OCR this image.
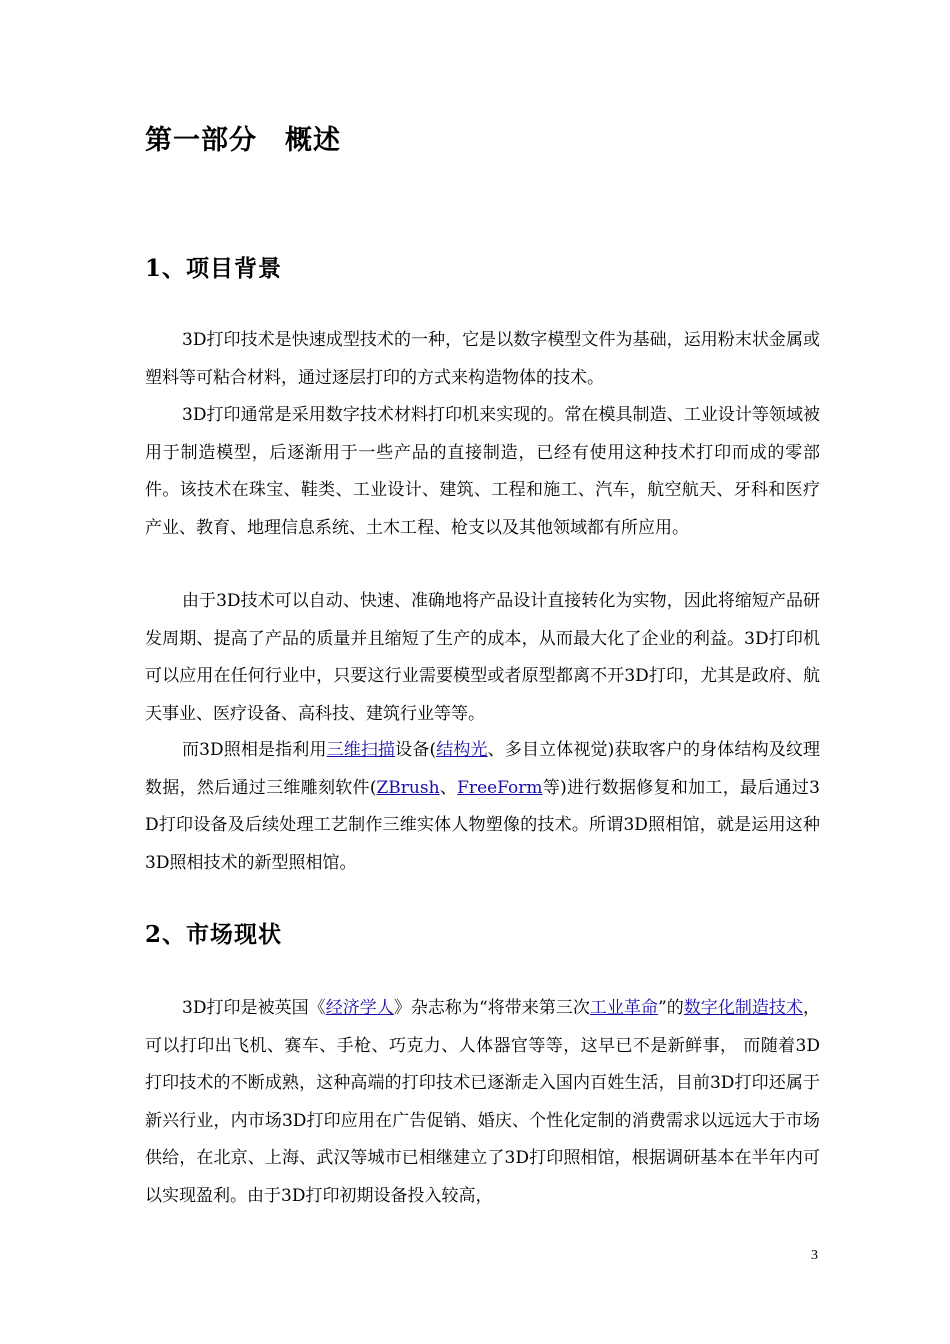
第一部分　概述
1、项目背景

3D打印技术是快速成型技术的一种，它是以数字模型文件为基础，运用粉末状金属或塑料等可粘合材料，通过逐层打印的方式来构造物体的技术。

3D打印通常是采用数字技术材料打印机来实现的。常在模具制造、工业设计等领域被用于制造模型，后逐渐用于一些产品的直接制造，已经有使用这种技术打印而成的零部件。该技术在珠宝、鞋类、工业设计、建筑、工程和施工、汽车，航空航天、牙科和医疗产业、教育、地理信息系统、土木工程、枪支以及其他领域都有所应用。

由于3D技术可以自动、快速、准确地将产品设计直接转化为实物，因此将缩短产品研发周期、提高了产品的质量并且缩短了生产的成本，从而最大化了企业的利益。3D打印机可以应用在任何行业中，只要这行业需要模型或者原型都离不开3D打印，尤其是政府、航天事业、医疗设备、高科技、建筑行业等等。

而3D照相是指利用三维扫描设备(结构光、多目立体视觉)获取客户的身体结构及纹理数据，然后通过三维雕刻软件(ZBrush、FreeForm等)进行数据修复和加工，最后通过3D打印设备及后续处理工艺制作三维实体人物塑像的技术。所谓3D照相馆，就是运用这种3D照相技术的新型照相馆。

2、市场现状

3D打印是被英国《经济学人》杂志称为“将带来第三次工业革命”的数字化制造技术，可以打印出飞机、赛车、手枪、巧克力、人体器官等等，这早已不是新鲜事， 而随着3D打印技术的不断成熟，这种高端的打印技术已逐渐走入国内百姓生活，目前3D打印还属于新兴行业，内市场3D打印应用在广告促销、婚庆、个性化定制的消费需求以远远大于市场供给，在北京、上海、武汉等城市已相继建立了3D打印照相馆，根据调研基本在半年内可以实现盈利。由于3D打印初期设备投入较高，

3
